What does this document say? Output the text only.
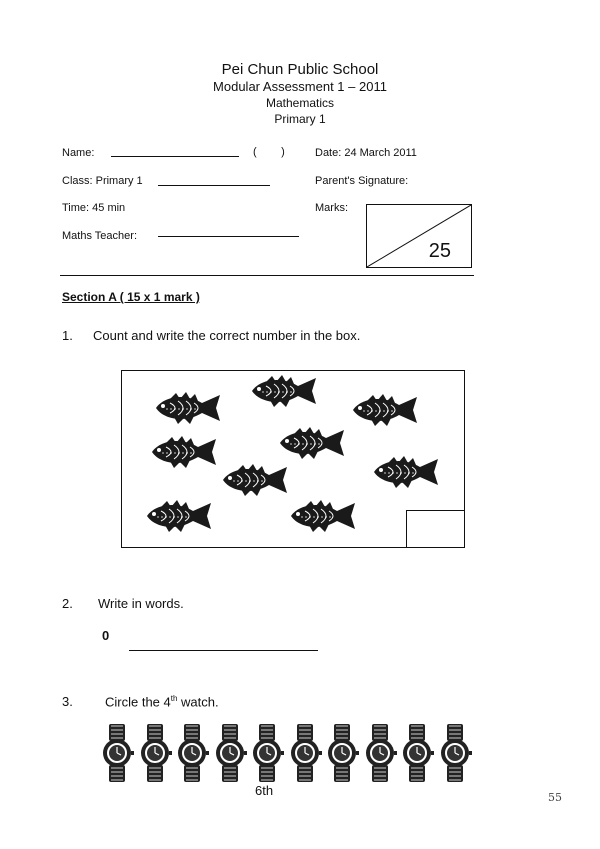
Pei Chun Public School
Modular Assessment 1 – 2011
Mathematics
Primary 1
Name:	(        )	Date: 24 March 2011
Class: Primary 1	Parent's Signature:
Time: 45 min	Marks:
Maths Teacher:
25
Section A ( 15 x 1 mark )
1. Count and write the correct number in the box.
2. Write in words.
0
3. Circle the 4th watch.
6th	55
